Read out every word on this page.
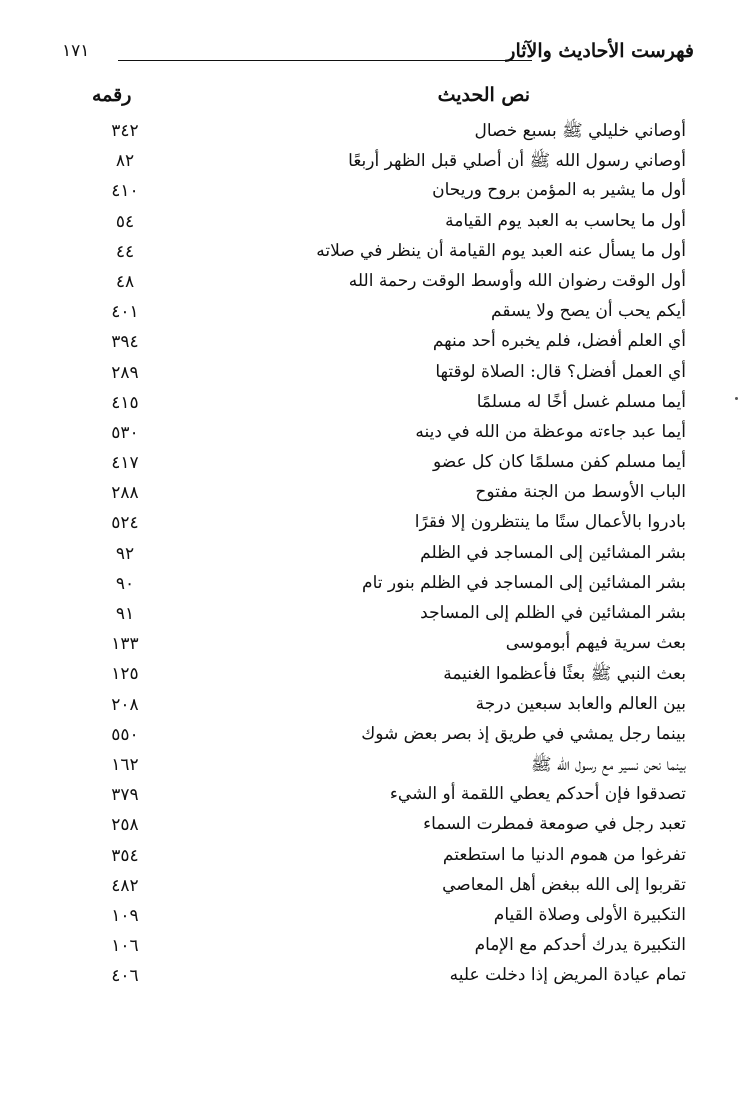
فهرست الأحاديث والآثار
١٧١
نص الحديث
رقمه
أوصاني خليلي ﷺ بسبع خصال
٣٤٢
أوصاني رسول الله ﷺ أن أصلي قبل الظهر أربعًا
٨٢
أول ما يشير به المؤمن بروح وريحان
٤١٠
أول ما يحاسب به العبد يوم القيامة
٥٤
أول ما يسأل عنه العبد يوم القيامة أن ينظر في صلاته
٤٤
أول الوقت رضوان الله وأوسط الوقت رحمة الله
٤٨
أيكم يحب أن يصح ولا يسقم
٤٠١
أي العلم أفضل، فلم يخبره أحد منهم
٣٩٤
أي العمل أفضل؟ قال: الصلاة لوقتها
٢٨٩
أيما مسلم غسل أخًا له مسلمًا
٤١٥
أيما عبد جاءته موعظة من الله في دينه
٥٣٠
أيما مسلم كفن مسلمًا كان كل عضو
٤١٧
الباب الأوسط من الجنة مفتوح
٢٨٨
بادروا بالأعمال ستًا ما ينتظرون إلا فقرًا
٥٢٤
بشر المشائين إلى المساجد في الظلم
٩٢
بشر المشائين إلى المساجد في الظلم بنور تام
٩٠
بشر المشائين في الظلم إلى المساجد
٩١
بعث سرية فيهم أبوموسى
١٣٣
بعث النبي ﷺ بعثًا فأعظموا الغنيمة
١٢٥
بين العالم والعابد سبعين درجة
٢٠٨
بينما رجل يمشي في طريق إذ بصر بعض شوك
٥٥٠
بينما نحن نسير مع رسول الله ﷺ
١٦٢
تصدقوا فإن أحدكم يعطي اللقمة أو الشيء
٣٧٩
تعبد رجل في صومعة فمطرت السماء
٢٥٨
تفرغوا من هموم الدنيا ما استطعتم
٣٥٤
تقربوا إلى الله ببغض أهل المعاصي
٤٨٢
التكبيرة الأولى وصلاة القيام
١٠٩
التكبيرة يدرك أحدكم مع الإمام
١٠٦
تمام عيادة المريض إذا دخلت عليه
٤٠٦
